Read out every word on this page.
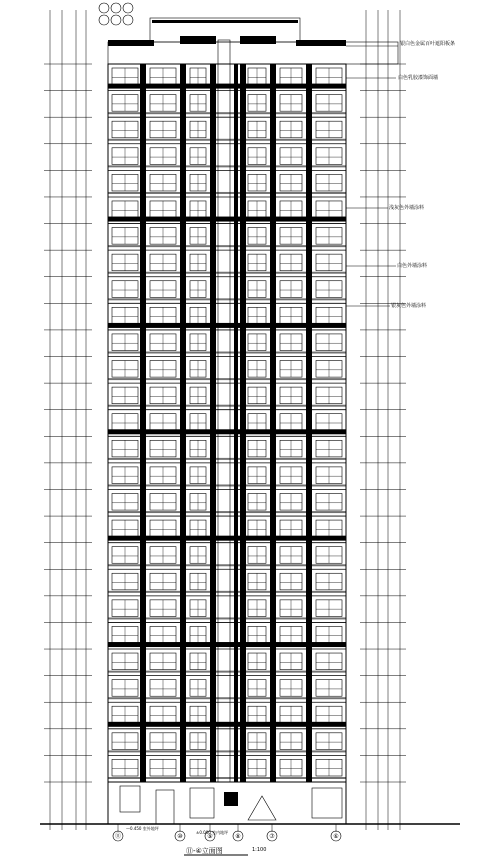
⑪	⑩	⑨	⑧	⑦	⑥
银白色金属百叶遮阳板条
白色乳胶漆饰面墙
浅灰色外墙涂料
白色外墙涂料
银灰色外墙涂料
—0.450 室外地坪
±0.000 室内地坪
⑪-④立面图	1:100
